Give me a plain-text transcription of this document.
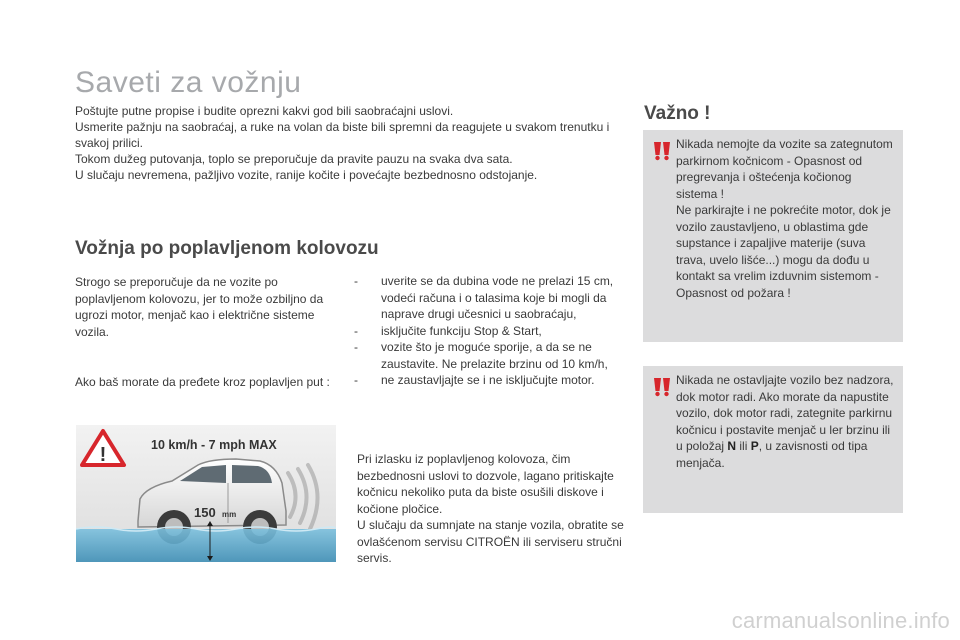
Saveti za vožnju

Poštujte putne propise i budite oprezni kakvi god bili saobraćajni uslovi.

Usmerite pažnju na saobraćaj, a ruke na volan da biste bili spremni da reagujete u svakom trenutku i svakoj prilici.

Tokom dužeg putovanja, toplo se preporučuje da pravite pauzu na svaka dva sata.

U slučaju nevremena, pažljivo vozite, ranije kočite i povećajte bezbednosno odstojanje.

Vožnja po poplavljenom kolovozu
Strogo se preporučuje da ne vozite po poplavljenom kolovozu, jer to može ozbiljno da ugrozi motor, menjač kao i električne sisteme vozila.
Ako baš morate da pređete kroz poplavljen put :
!	10 km/h - 7 mph MAX
150 mm
- uverite se da dubina vode ne prelazi 15 cm, vodeći računa i o talasima koje bi mogli da naprave drugi učesnici u saobraćaju,
- isključite funkciju Stop & Start,
- vozite što je moguće sporije, a da se ne zaustavite. Ne prelazite brzinu od 10 km/h,
- ne zaustavljajte se i ne isključujte motor.

Pri izlasku iz poplavljenog kolovoza, čim bezbednosni uslovi to dozvole, lagano pritiskajte kočnicu nekoliko puta da biste osušili diskove i kočione pločice.

U slučaju da sumnjate na stanje vozila, obratite se ovlašćenom servisu CITROËN ili serviseru stručni servis.

Važno !

Nikada nemojte da vozite sa zategnutom parkirnom kočnicom - Opasnost od pregrevanja i oštećenja kočionog sistema !

Ne parkirajte i ne pokrećite motor, dok je vozilo zaustavljeno, u oblastima gde supstance i zapaljive materije (suva trava, uvelo lišće...) mogu da dođu u kontakt sa vrelim izduvnim sistemom - Opasnost od požara !

Nikada ne ostavljajte vozilo bez nadzora, dok motor radi. Ako morate da napustite vozilo, dok motor radi, zategnite parkirnu kočnicu i postavite menjač u ler brzinu ili u položaj N ili P, u zavisnosti od tipa menjača.

carmanualsonline.info
